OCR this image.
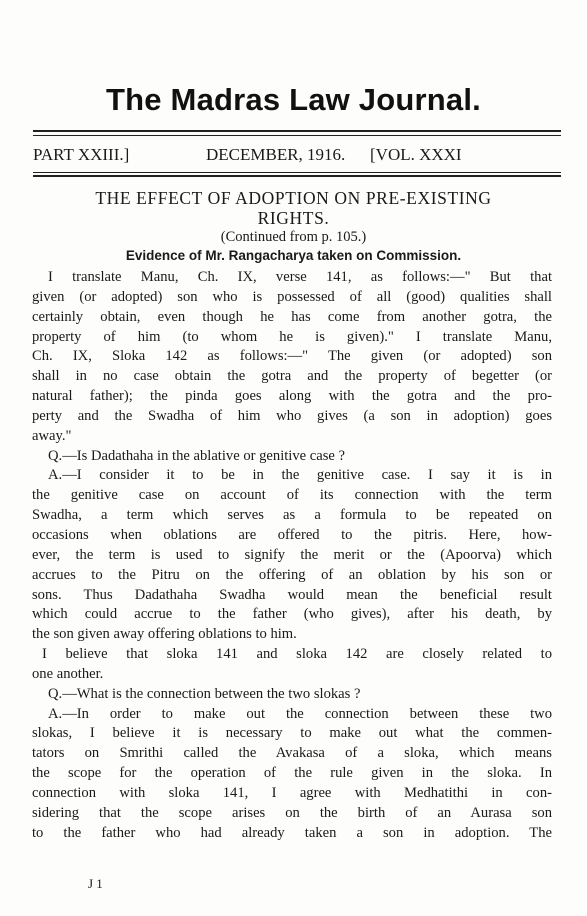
The Madras Law Journal.
PART XXIII.]	DECEMBER, 1916. [VOL. XXXI
THE EFFECT OF ADOPTION ON PRE-EXISTING
RIGHTS.
(Continued from p. 105.)
Evidence of Mr. Rangacharya taken on Commission.
I translate Manu, Ch. IX, verse 141, as follows:—" But that
given (or adopted) son who is possessed of all (good) qualities shall
certainly obtain, even though he has come from another gotra, the
property of him (to whom he is given)." I translate Manu,
Ch. IX, Sloka 142 as follows:—" The given (or adopted) son
shall in no case obtain the gotra and the property of begetter (or
natural father); the pinda goes along with the gotra and the pro-
perty and the Swadha of him who gives (a son in adoption) goes
away."
Q.—Is Dadathaha in the ablative or genitive case ?
A.—I consider it to be in the genitive case. I say it is in
the genitive case on account of its connection with the term
Swadha, a term which serves as a formula to be repeated on
occasions when oblations are offered to the pitris. Here, how-
ever, the term is used to signify the merit or the (Apoorva) which
accrues to the Pitru on the offering of an oblation by his son or
sons. Thus Dadathaha Swadha would mean the beneficial result
which could accrue to the father (who gives), after his death, by
the son given away offering oblations to him.
I believe that sloka 141 and sloka 142 are closely related to
one another.
Q.—What is the connection between the two slokas ?
A.—In order to make out the connection between these two
slokas, I believe it is necessary to make out what the commen-
tators on Smrithi called the Avakasa of a sloka, which means
the scope for the operation of the rule given in the sloka. In
connection with sloka 141, I agree with Medhatithi in con-
sidering that the scope arises on the birth of an Aurasa son
to the father who had already taken a son in adoption. The
J 1
